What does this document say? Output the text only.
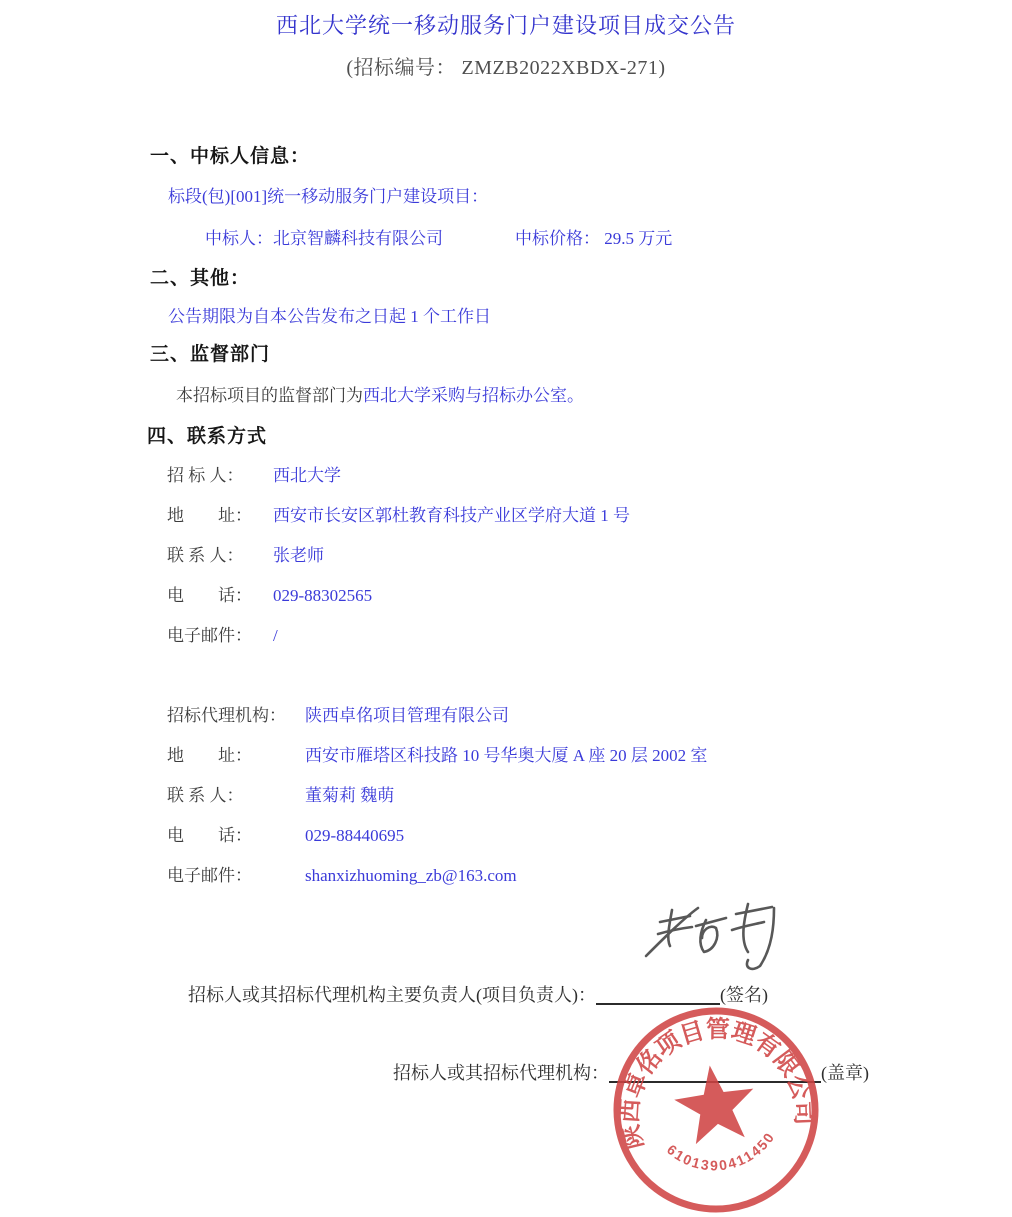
西北大学统一移动服务门户建设项目成交公告
(招标编号： ZMZB2022XBDX-271)
一、中标人信息：
标段(包)[001]统一移动服务门户建设项目：
中标人：北京智麟科技有限公司	中标价格： 29.5 万元
二、其他：
公告期限为自本公告发布之日起 1 个工作日
三、监督部门
本招标项目的监督部门为西北大学采购与招标办公室。
四、联系方式
招 标 人： 西北大学
地　　址： 西安市长安区郭杜教育科技产业区学府大道 1 号
联 系 人： 张老师
电　　话： 029-88302565
电子邮件： /
招标代理机构： 陕西卓佲项目管理有限公司
地　　址：	西安市雁塔区科技路 10 号华奥大厦 A 座 20 层 2002 室
联 系 人：	董菊莉 魏萌
电　　话：	029-88440695
电子邮件：	shanxizhuoming_zb@163.com
招标人或其招标代理机构主要负责人(项目负责人)：	(签名)
招标人或其招标代理机构：	(盖章)
陕西卓佲项目管理有限公司
6101390411450
